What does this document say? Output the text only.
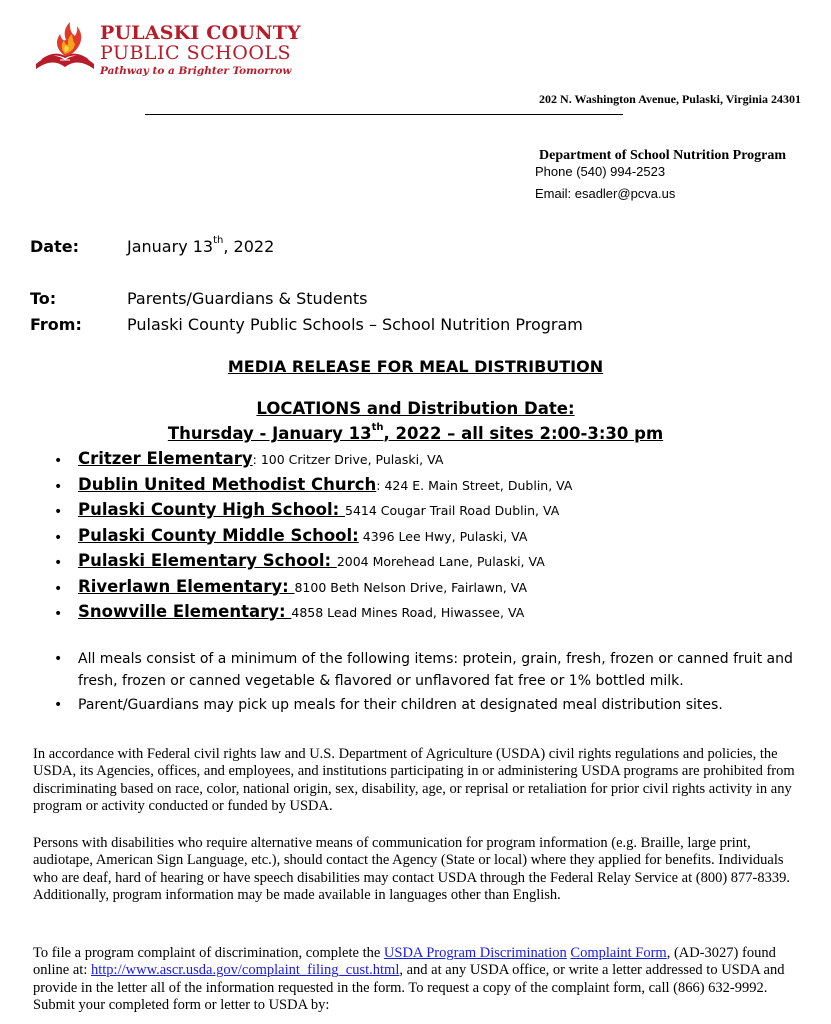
PULASKI COUNTY
PUBLIC SCHOOLS
Pathway to a Brighter Tomorrow
202 N. Washington Avenue, Pulaski, Virginia 24301
Department of School Nutrition Program
Phone (540) 994-2523
Email: esadler@pcva.us
Date:	January 13th, 2022
To:	Parents/Guardians & Students
From:	Pulaski County Public Schools – School Nutrition Program
MEDIA RELEASE FOR MEAL DISTRIBUTION
LOCATIONS and Distribution Date:
Thursday - January 13th, 2022 – all sites 2:00-3:30 pm
• Critzer Elementary: 100 Critzer Drive, Pulaski, VA
• Dublin United Methodist Church: 424 E. Main Street, Dublin, VA
• Pulaski County High School: 5414 Cougar Trail Road Dublin, VA
• Pulaski County Middle School: 4396 Lee Hwy, Pulaski, VA
• Pulaski Elementary School: 2004 Morehead Lane, Pulaski, VA
• Riverlawn Elementary: 8100 Beth Nelson Drive, Fairlawn, VA
• Snowville Elementary: 4858 Lead Mines Road, Hiwassee, VA
• All meals consist of a minimum of the following items: protein, grain, fresh, frozen or canned fruit and fresh, frozen or canned vegetable & flavored or unflavored fat free or 1% bottled milk.
• Parent/Guardians may pick up meals for their children at designated meal distribution sites.

In accordance with Federal civil rights law and U.S. Department of Agriculture (USDA) civil rights regulations and policies, the USDA, its Agencies, offices, and employees, and institutions participating in or administering USDA programs are prohibited from discriminating based on race, color, national origin, sex, disability, age, or reprisal or retaliation for prior civil rights activity in any program or activity conducted or funded by USDA.

Persons with disabilities who require alternative means of communication for program information (e.g. Braille, large print, audiotape, American Sign Language, etc.), should contact the Agency (State or local) where they applied for benefits. Individuals who are deaf, hard of hearing or have speech disabilities may contact USDA through the Federal Relay Service at (800) 877-8339. Additionally, program information may be made available in languages other than English.

To file a program complaint of discrimination, complete the USDA Program Discrimination Complaint Form, (AD-3027) found online at: http://www.ascr.usda.gov/complaint_filing_cust.html, and at any USDA office, or write a letter addressed to USDA and provide in the letter all of the information requested in the form. To request a copy of the complaint form, call (866) 632-9992. Submit your completed form or letter to USDA by:
